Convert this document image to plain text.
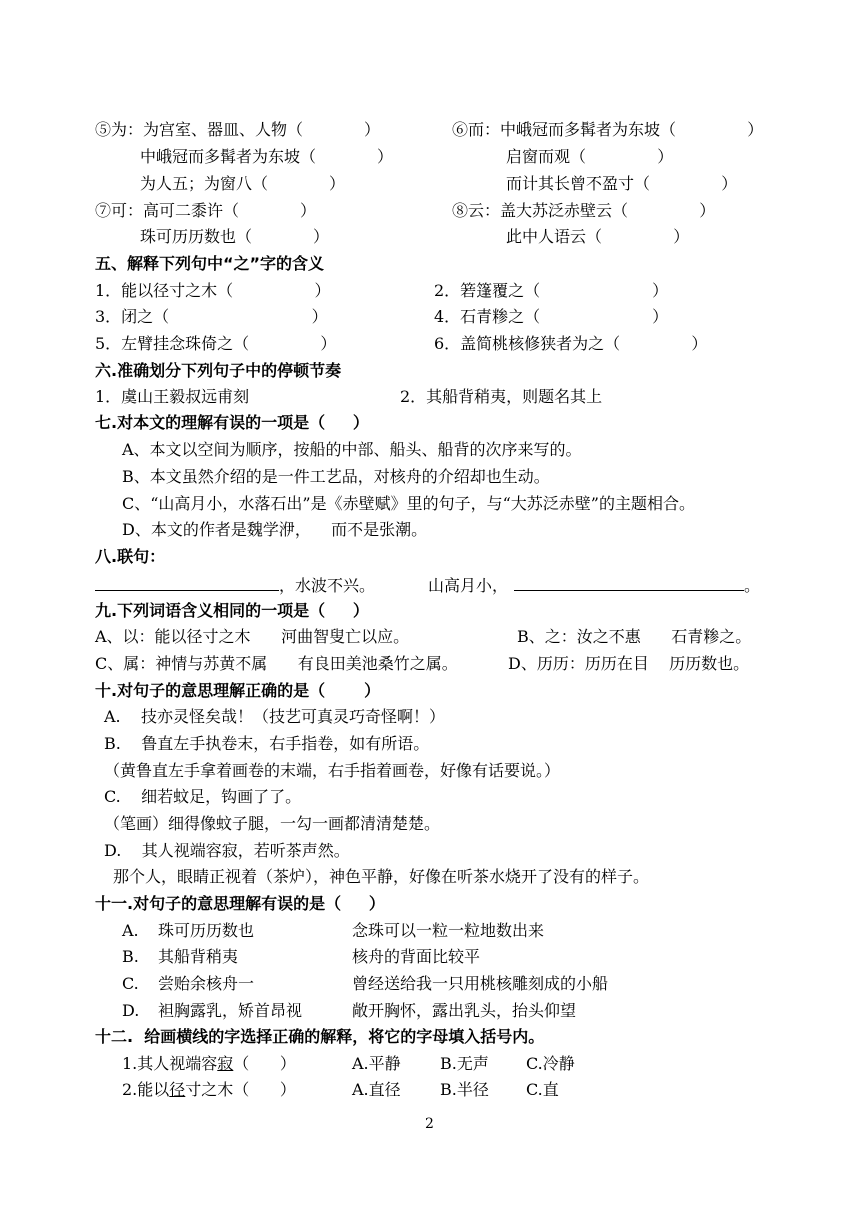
⑤为：为宫室、器皿、人物（            ）	⑥而：中峨冠而多髯者为东坡（              ）
中峨冠而多髯者为东坡（            ）	启窗而观（              ）
为人五；为窗八（            ）	而计其长曾不盈寸（              ）
⑦可：高可二黍许（            ）	⑧云：盖大苏泛赤壁云（              ）
珠可历历数也（            ）	此中人语云（              ）
五、解释下列句中“之”字的含义
1．能以径寸之木（                ）	2．箬篷覆之（                      ）
3．闭之（                            ）	4．石青糁之（                      ）
5．左臂挂念珠倚之（              ）	6．盖简桃核修狭者为之（              ）
六.准确划分下列句子中的停顿节奏
1．虞山王毅叔远甫刻	2．其船背稍夷，则题名其上
七.对本文的理解有误的一项是（     ）
A、本文以空间为顺序，按船的中部、船头、船背的次序来写的。
B、本文虽然介绍的是一件工艺品，对核舟的介绍却也生动。
C、“山高月小，水落石出”是《赤壁赋》里的句子，与“大苏泛赤壁”的主题相合。
D、本文的作者是魏学洢，    而不是张潮。
八.联句：
，水波不兴。	山高月小，	。
九.下列词语含义相同的一项是（     ）
A、以：能以径寸之木      河曲智叟亡以应。	B、之：汝之不惠      石青糁之。
C、属：神情与苏黄不属      有良田美池桑竹之属。	D、历历：历历在目    历历数也。
十.对句子的意思理解正确的是（       ）
A.    技亦灵怪矣哉！（技艺可真灵巧奇怪啊！）
B.    鲁直左手执卷末，右手指卷，如有所语。
（黄鲁直左手拿着画卷的末端，右手指着画卷，好像有话要说。）
C.    细若蚊足，钩画了了。
（笔画）细得像蚊子腿，一勾一画都清清楚楚。
D.    其人视端容寂，若听茶声然。
那个人，眼睛正视着（茶炉），神色平静，好像在听茶水烧开了没有的样子。
十一.对句子的意思理解有误的是（     ）
A. 珠可历历数也	念珠可以一粒一粒地数出来
B. 其船背稍夷	核舟的背面比较平
C. 尝贻余核舟一	曾经送给我一只用桃核雕刻成的小船
D. 袒胸露乳，矫首昂视	敞开胸怀，露出乳头，抬头仰望
十二.  给画横线的字选择正确的解释，将它的字母填入括号内。
1.其人视端容寂（      ）	A.平静 B.无声 C.冷静
2.能以径寸之木（      ）	A.直径 B.半径 C.直
2
